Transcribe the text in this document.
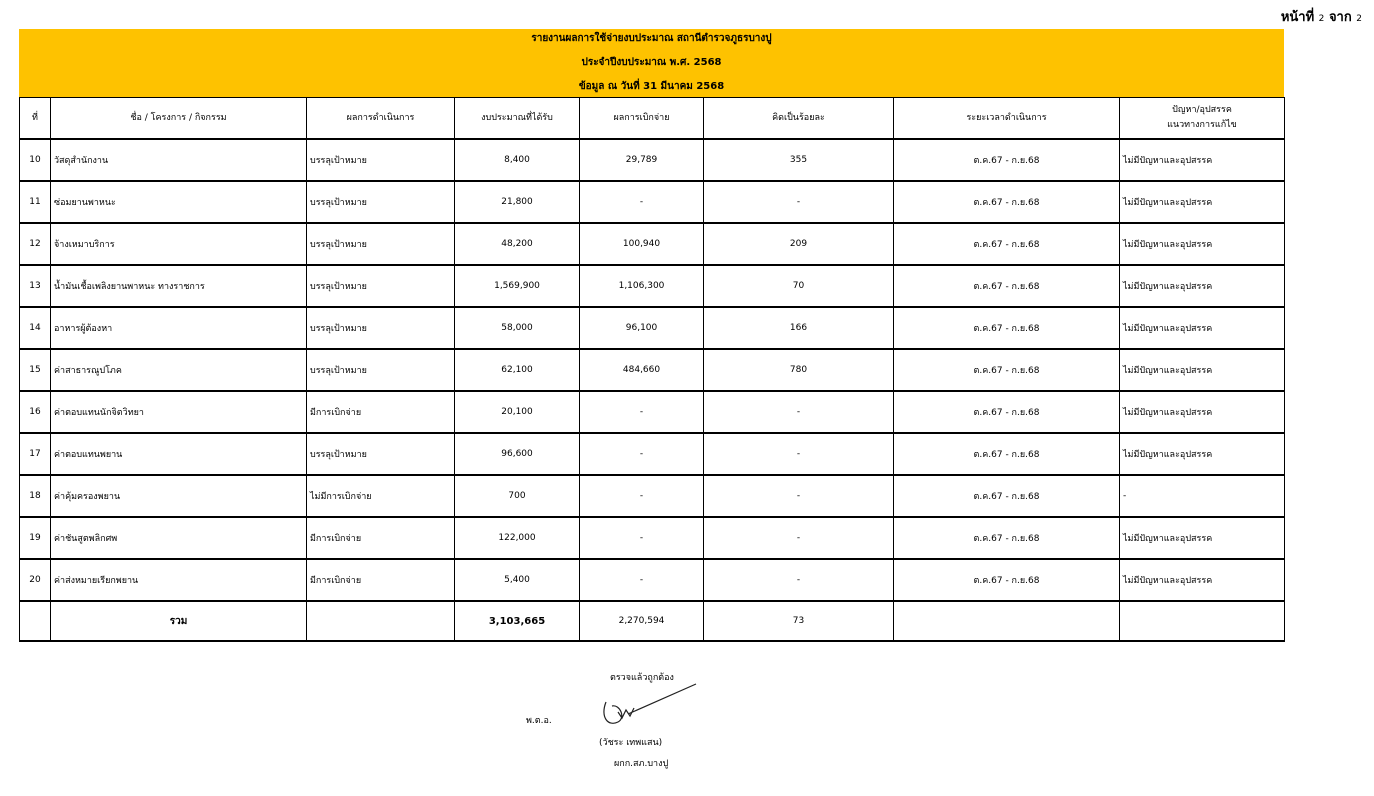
หน้าที่ 2 จาก 2
รายงานผลการใช้จ่ายงบประมาณ สถานีตำรวจภูธรบางปู
ประจำปีงบประมาณ พ.ศ. 2568
ข้อมูล ณ วันที่ 31 มีนาคม 2568
ที่	ชื่อ / โครงการ / กิจกรรม	ผลการดำเนินการ	งบประมาณที่ได้รับ	ผลการเบิกจ่าย	คิดเป็นร้อยละ	ระยะเวลาดำเนินการ	ปัญหา/อุปสรรค
แนวทางการแก้ไข

10	วัสดุสำนักงาน	บรรลุเป้าหมาย	8,400	29,789	355	ต.ค.67 - ก.ย.68	ไม่มีปัญหาและอุปสรรค
11	ซ่อมยานพาหนะ	บรรลุเป้าหมาย	21,800	-	-	ต.ค.67 - ก.ย.68	ไม่มีปัญหาและอุปสรรค
12	จ้างเหมาบริการ	บรรลุเป้าหมาย	48,200	100,940	209	ต.ค.67 - ก.ย.68	ไม่มีปัญหาและอุปสรรค
13	น้ำมันเชื้อเพลิงยานพาหนะ ทางราชการ	บรรลุเป้าหมาย	1,569,900	1,106,300	70	ต.ค.67 - ก.ย.68	ไม่มีปัญหาและอุปสรรค
14	อาหารผู้ต้องหา	บรรลุเป้าหมาย	58,000	96,100	166	ต.ค.67 - ก.ย.68	ไม่มีปัญหาและอุปสรรค
15	ค่าสาธารณูปโภค	บรรลุเป้าหมาย	62,100	484,660	780	ต.ค.67 - ก.ย.68	ไม่มีปัญหาและอุปสรรค
16	ค่าตอบแทนนักจิตวิทยา	มีการเบิกจ่าย	20,100	-	-	ต.ค.67 - ก.ย.68	ไม่มีปัญหาและอุปสรรค
17	ค่าตอบแทนพยาน	บรรลุเป้าหมาย	96,600	-	-	ต.ค.67 - ก.ย.68	ไม่มีปัญหาและอุปสรรค
18	ค่าคุ้มครองพยาน	ไม่มีการเบิกจ่าย	700	-	-	ต.ค.67 - ก.ย.68	-
19	ค่าชันสูตพลิกศพ	มีการเบิกจ่าย	122,000	-	-	ต.ค.67 - ก.ย.68	ไม่มีปัญหาและอุปสรรค
20	ค่าส่งหมายเรียกพยาน	มีการเบิกจ่าย	5,400	-	-	ต.ค.67 - ก.ย.68	ไม่มีปัญหาและอุปสรรค
	รวม		3,103,665	2,270,594	73		
ตรวจแล้วถูกต้อง
พ.ต.อ.
(วัชระ เทพแสน)
ผกก.สภ.บางปู
